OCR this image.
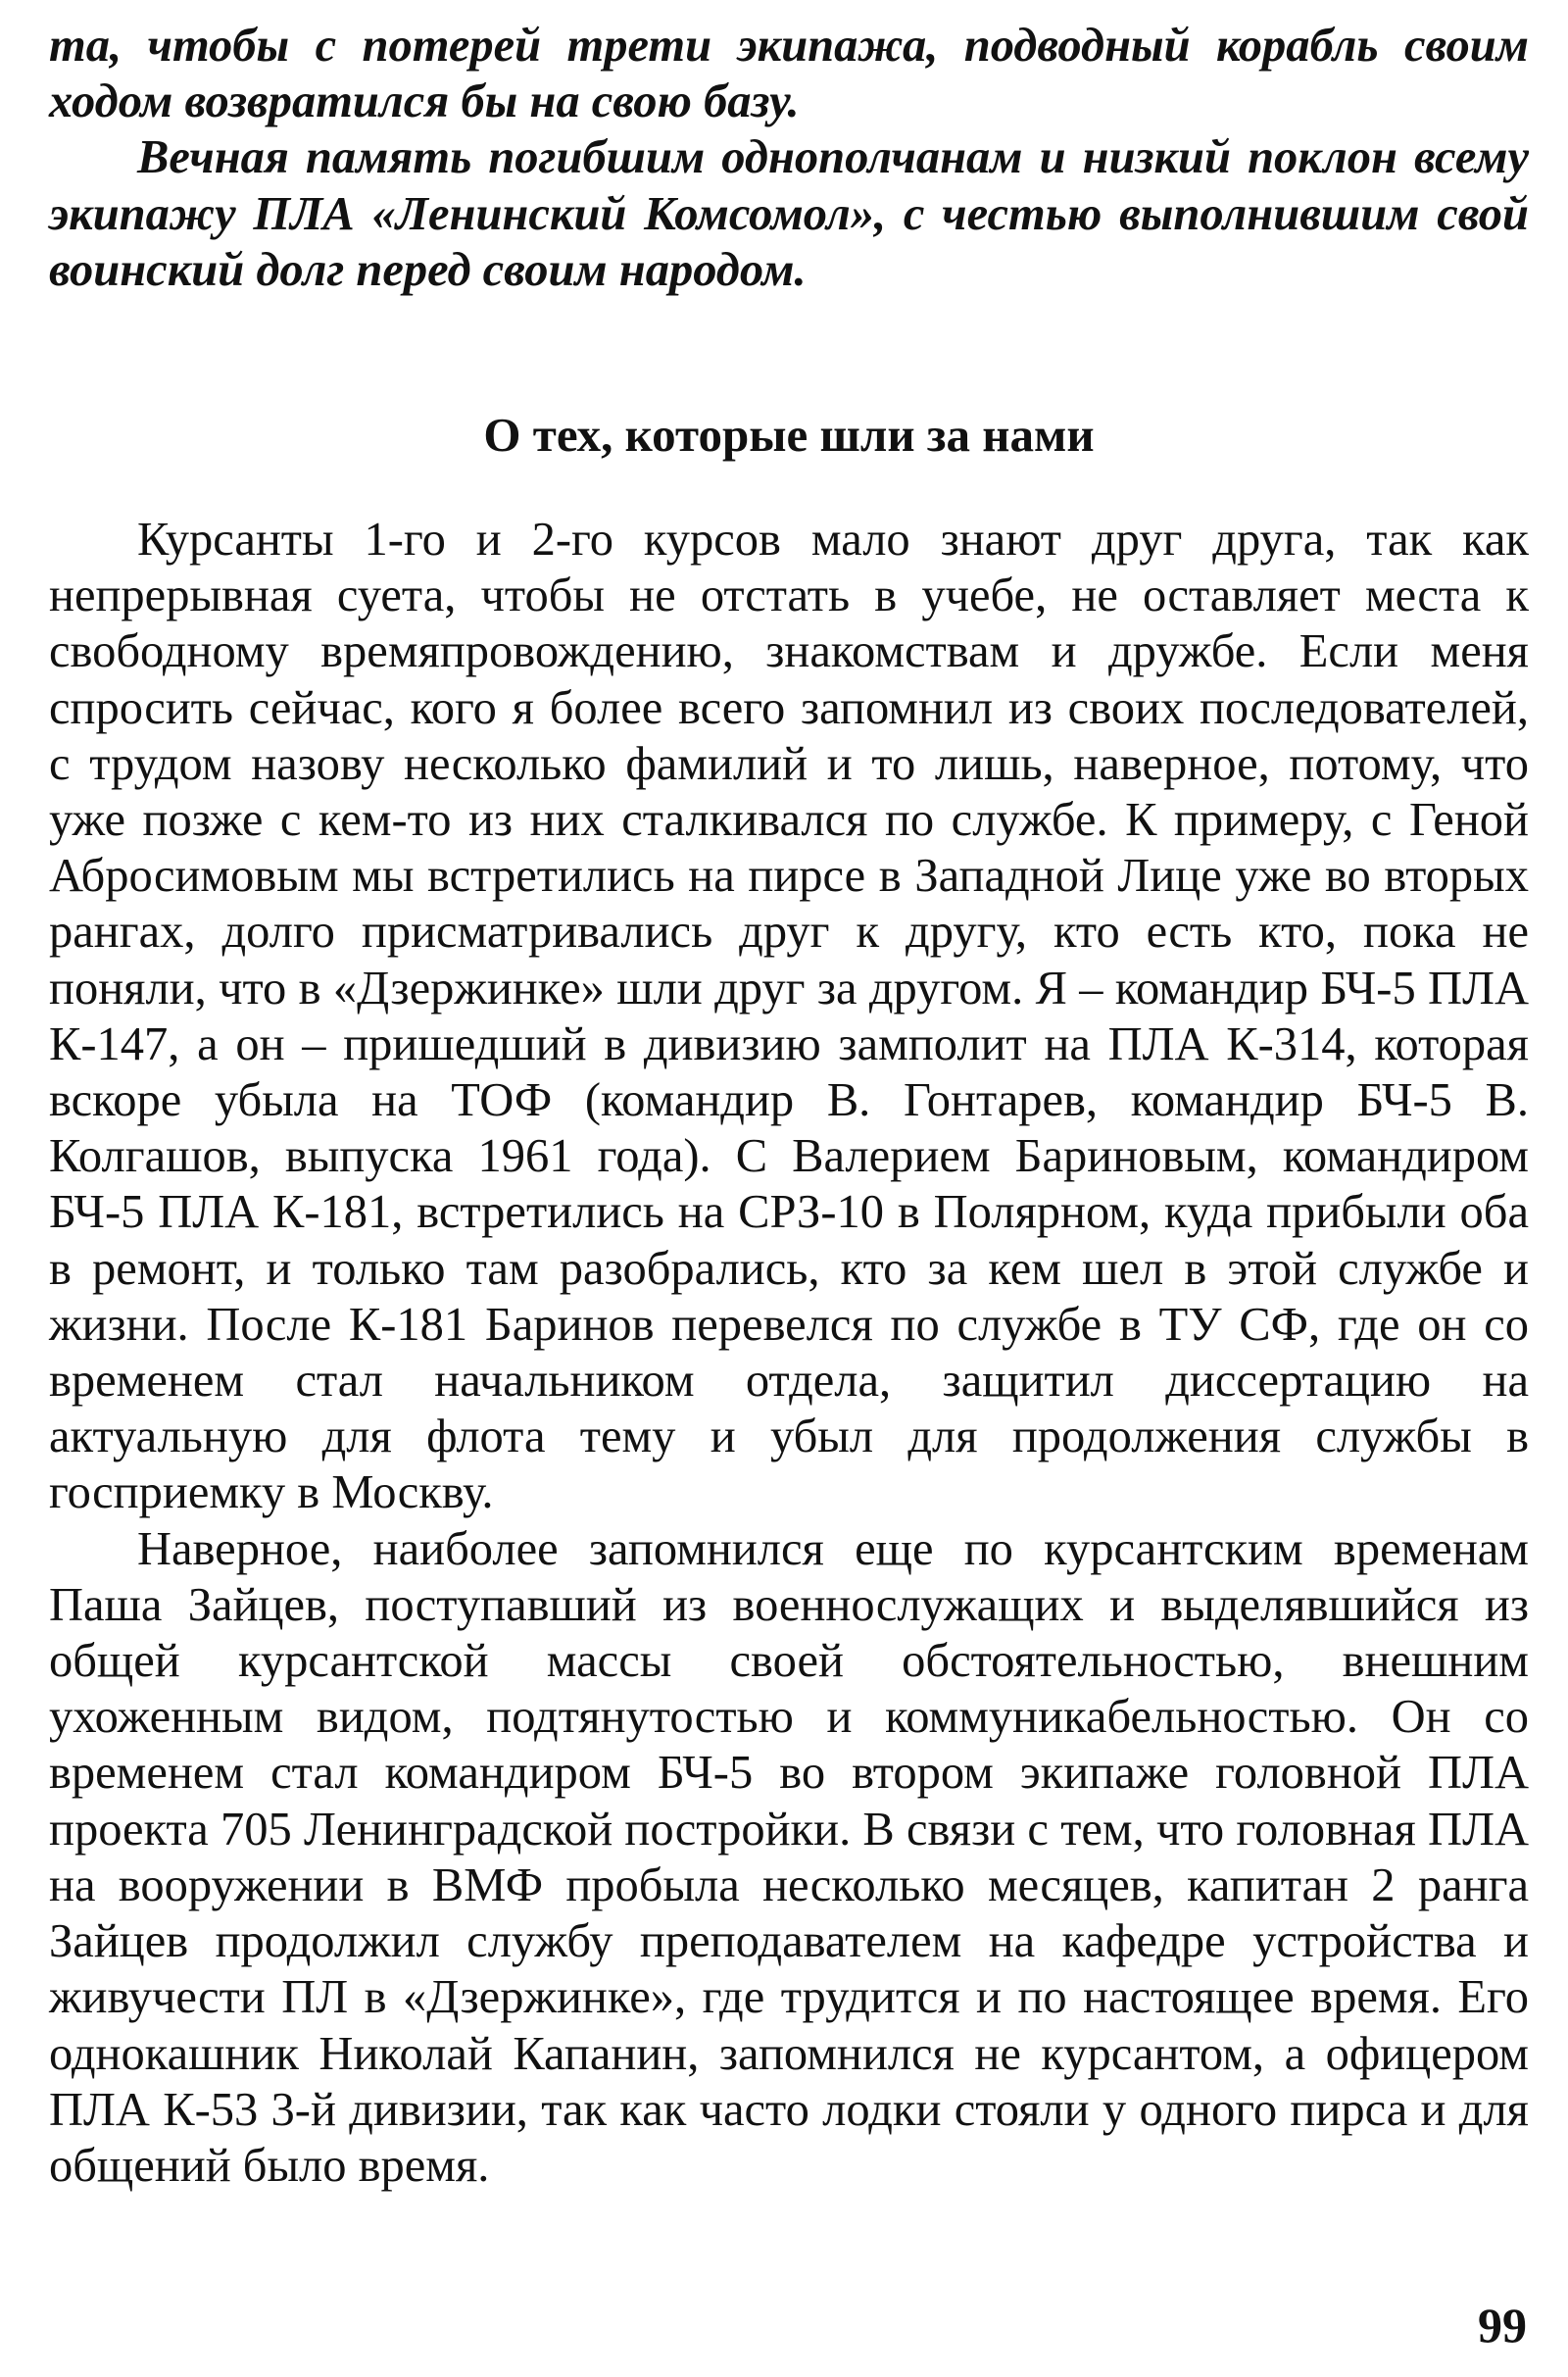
та, чтобы с потерей трети экипажа, подводный корабль своим ходом возвратился бы на свою базу.

Вечная память погибшим однополчанам и низкий поклон всему экипажу ПЛА «Ленинский Комсомол», с честью выполнившим свой воинский долг перед своим народом.

О тех, которые шли за нами

Курсанты 1-го и 2-го курсов мало знают друг друга, так как непрерывная суета, чтобы не отстать в учебе, не оставляет места к свободному времяпровождению, знакомствам и дружбе. Если меня спросить сейчас, кого я более всего запомнил из своих последователей, с трудом назову несколько фамилий и то лишь, наверное, потому, что уже позже с кем-то из них сталкивался по службе. К примеру, с Геной Абросимовым мы встретились на пирсе в Западной Лице уже во вторых рангах, долго присматривались друг к другу, кто есть кто, пока не поняли, что в «Дзержинке» шли друг за другом. Я – командир БЧ-5 ПЛА К-147, а он – пришедший в дивизию замполит на ПЛА К-314, которая вскоре убыла на ТОФ (командир В. Гонтарев, командир БЧ-5 В. Колгашов, выпуска 1961 года). С Валерием Бариновым, командиром БЧ-5 ПЛА К-181, встретились на СРЗ-10 в Полярном, куда прибыли оба в ремонт, и только там разобрались, кто за кем шел в этой службе и жизни. После К-181 Баринов перевелся по службе в ТУ СФ, где он со временем стал начальником отдела, защитил диссертацию на актуальную для флота тему и убыл для продолжения службы в госприемку в Москву.

Наверное, наиболее запомнился еще по курсантским временам Паша Зайцев, поступавший из военнослужащих и выделявшийся из общей курсантской массы своей обстоятельностью, внешним ухоженным видом, подтянутостью и коммуникабельностью. Он со временем стал командиром БЧ-5 во втором экипаже головной ПЛА проекта 705 Ленинградской постройки. В связи с тем, что головная ПЛА на вооружении в ВМФ пробыла несколько месяцев, капитан 2 ранга Зайцев продолжил службу преподавателем на кафедре устройства и живучести ПЛ в «Дзержинке», где трудится и по настоящее время. Его однокашник Николай Капанин, запомнился не курсантом, а офицером ПЛА К-53 3-й дивизии, так как часто лодки стояли у одного пирса и для общений было время.

99
